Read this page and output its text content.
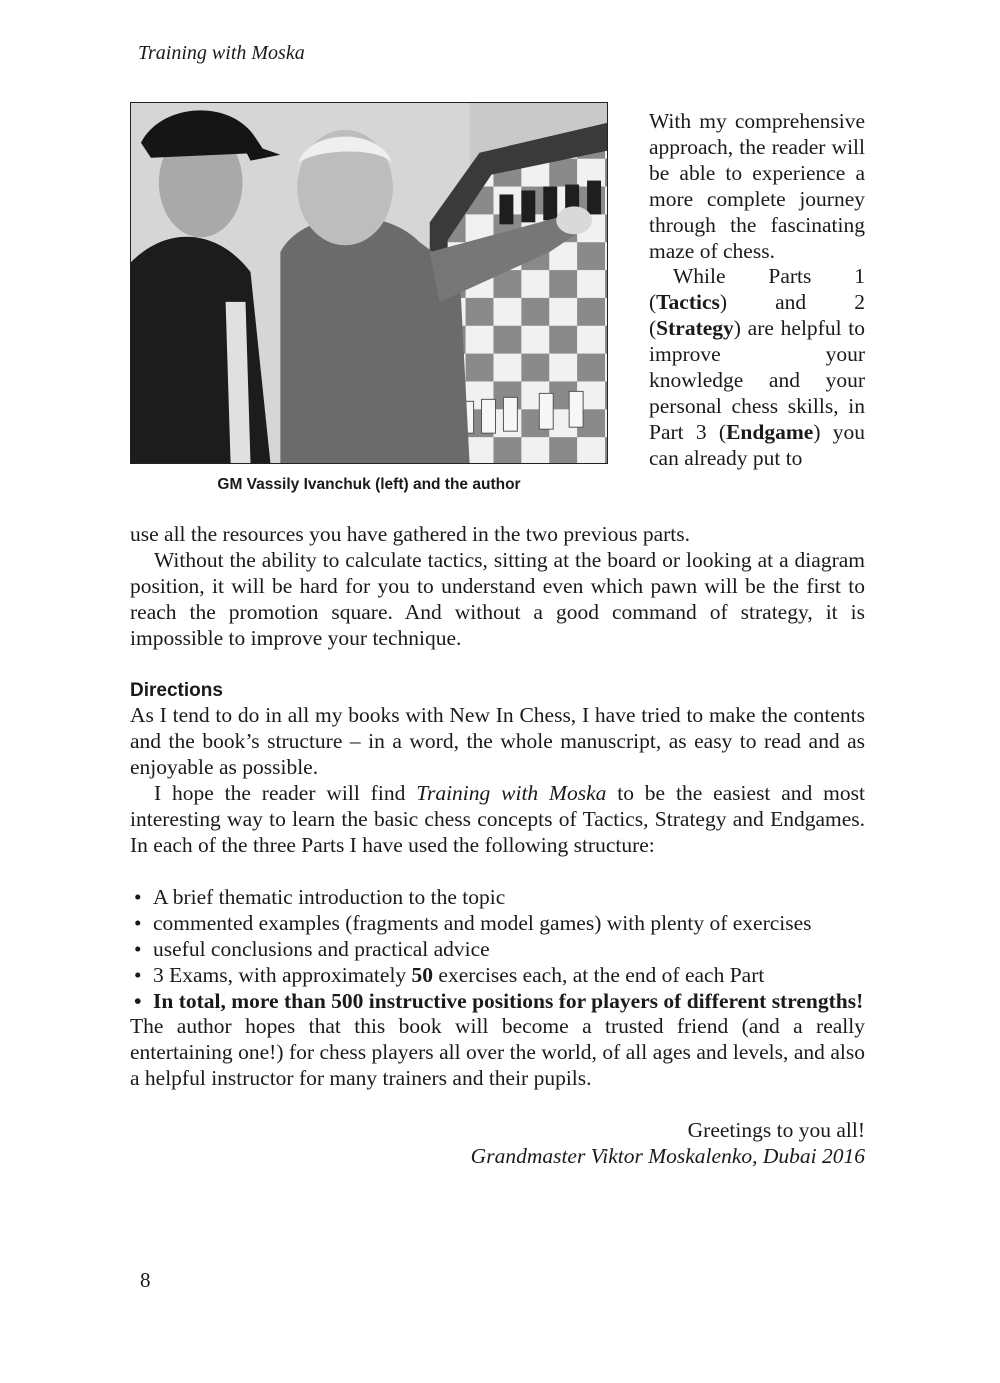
Training with Moska
GM Vassily Ivanchuk (left) and the author

With my comprehensive approach, the reader will be able to experience a more complete journey through the fascinating maze of chess.

While Parts 1 (Tactics) and 2 (Strategy) are helpful to improve your knowledge and your personal chess skills, in Part 3 (Endgame) you can already put to

use all the resources you have gathered in the two previous parts.

Without the ability to calculate tactics, sitting at the board or looking at a diagram position, it will be hard for you to understand even which pawn will be the first to reach the promotion square. And without a good command of strategy, it is impossible to improve your technique.

Directions

As I tend to do in all my books with New In Chess, I have tried to make the contents and the book’s structure – in a word, the whole manuscript, as easy to read and as enjoyable as possible.

I hope the reader will find Training with Moska to be the easiest and most interesting way to learn the basic chess concepts of Tactics, Strategy and Endgames. In each of the three Parts I have used the following structure:

• A brief thematic introduction to the topic
• commented examples (fragments and model games) with plenty of exercises
• useful conclusions and practical advice
• 3 Exams, with approximately 50 exercises each, at the end of each Part
• In total, more than 500 instructive positions for players of different strengths!

The author hopes that this book will become a trusted friend (and a really entertaining one!) for chess players all over the world, of all ages and levels, and also a helpful instructor for many trainers and their pupils.

Greetings to you all!
Grandmaster Viktor Moskalenko, Dubai 2016
8
